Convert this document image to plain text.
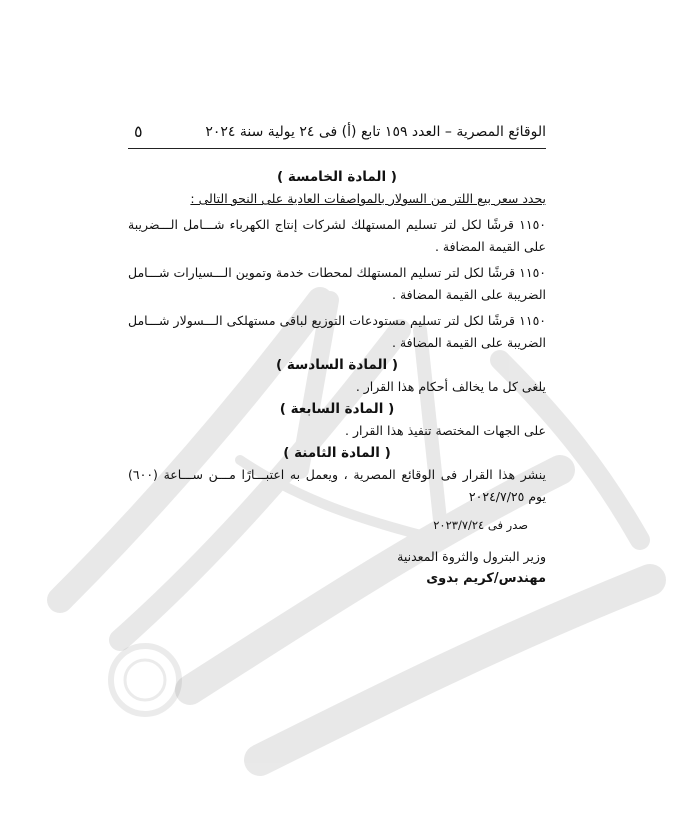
الوقائع المصرية – العدد ١٥٩ تابع (أ) فى ٢٤ يولية سنة ٢٠٢٤
٥

( المادة الخامسة )

يحدد سعر بيع اللتر من السولار بالمواصفات العادية على النحو التالى :

١١٥٠ قرشًا لكل لتر تسليم المستهلك لشركات إنتاج الكهرباء شـــامل الـــضريبة على القيمة المضافة .

١١٥٠ قرشًا لكل لتر تسليم المستهلك لمحطات خدمة وتموين الـــسيارات شـــامل الضريبة على القيمة المضافة .

١١٥٠ قرشًا لكل لتر تسليم مستودعات التوزيع لباقى مستهلكى الـــسولار شـــامل الضريبة على القيمة المضافة .

( المادة السادسة )

يلغى كل ما يخالف أحكام هذا القرار .

( المادة السابعة )

على الجهات المختصة تنفيذ هذا القرار .

( المادة الثامنة )

ينشر هذا القرار فى الوقائع المصرية ، ويعمل به اعتبـــارًا مـــن ســـاعة (٦٠٠) يوم ٢٠٢٤/٧/٢٥

صدر فى ٢٠٢٣/٧/٢٤

وزير البترول والثروة المعدنية

مهندس/كريم بدوى
